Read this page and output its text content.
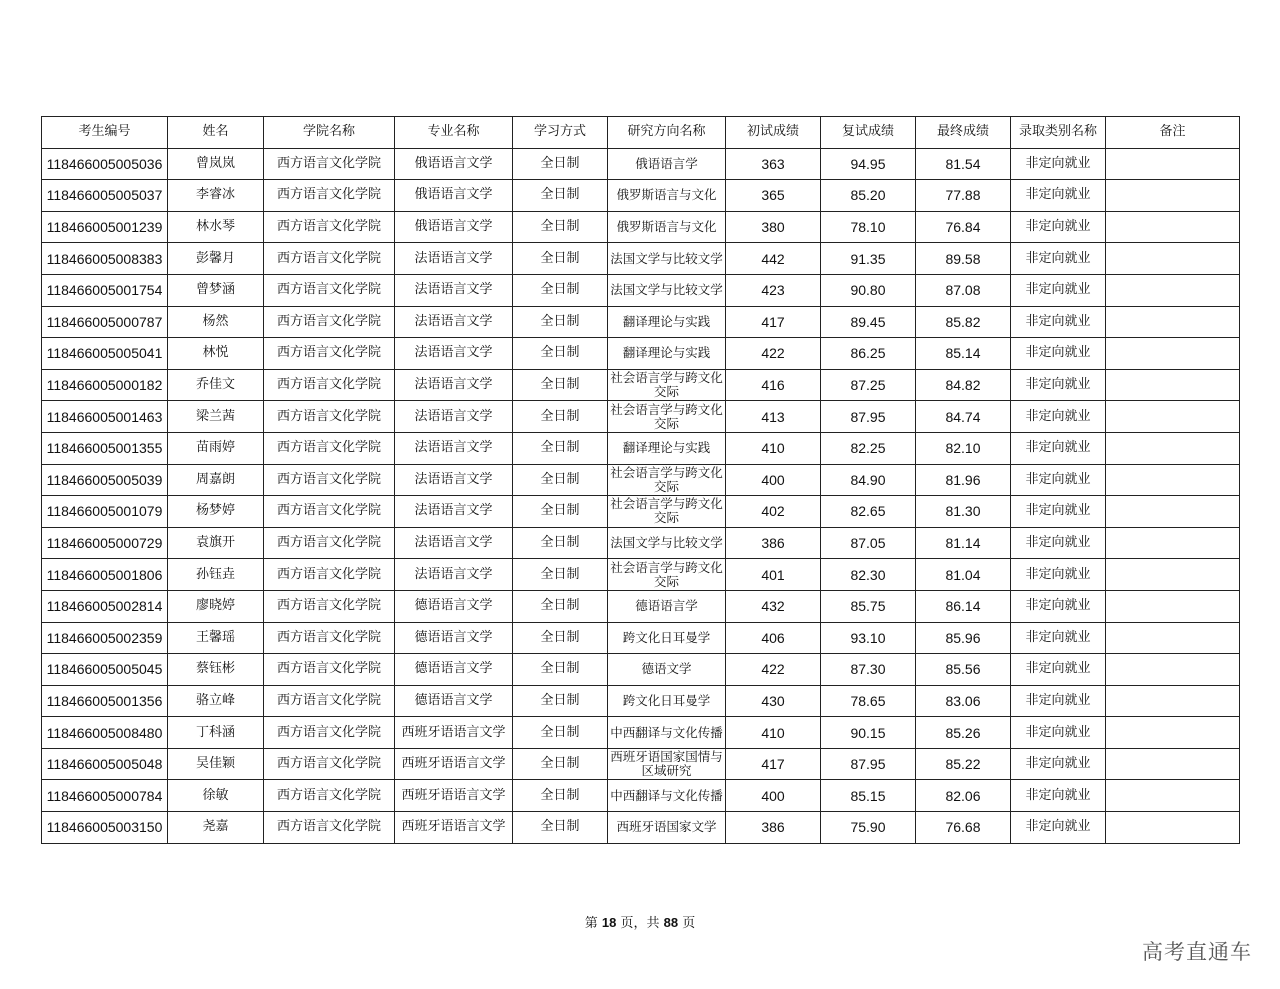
考生编号	姓名	学院名称	专业名称	学习方式	研究方向名称	初试成绩	复试成绩	最终成绩	录取类别名称	备注
118466005005036	曾岚岚	西方语言文化学院	俄语语言文学	全日制	俄语语言学	363	94.95	81.54	非定向就业	
118466005005037	李睿冰	西方语言文化学院	俄语语言文学	全日制	俄罗斯语言与文化	365	85.20	77.88	非定向就业	
118466005001239	林水琴	西方语言文化学院	俄语语言文学	全日制	俄罗斯语言与文化	380	78.10	76.84	非定向就业	
118466005008383	彭馨月	西方语言文化学院	法语语言文学	全日制	法国文学与比较文学	442	91.35	89.58	非定向就业	
118466005001754	曾梦涵	西方语言文化学院	法语语言文学	全日制	法国文学与比较文学	423	90.80	87.08	非定向就业	
118466005000787	杨然	西方语言文化学院	法语语言文学	全日制	翻译理论与实践	417	89.45	85.82	非定向就业	
118466005005041	林悦	西方语言文化学院	法语语言文学	全日制	翻译理论与实践	422	86.25	85.14	非定向就业	
118466005000182	乔佳文	西方语言文化学院	法语语言文学	全日制	社会语言学与跨文化交际	416	87.25	84.82	非定向就业	
118466005001463	梁兰茜	西方语言文化学院	法语语言文学	全日制	社会语言学与跨文化交际	413	87.95	84.74	非定向就业	
118466005001355	苗雨婷	西方语言文化学院	法语语言文学	全日制	翻译理论与实践	410	82.25	82.10	非定向就业	
118466005005039	周嘉朗	西方语言文化学院	法语语言文学	全日制	社会语言学与跨文化交际	400	84.90	81.96	非定向就业	
118466005001079	杨梦婷	西方语言文化学院	法语语言文学	全日制	社会语言学与跨文化交际	402	82.65	81.30	非定向就业	
118466005000729	袁旗开	西方语言文化学院	法语语言文学	全日制	法国文学与比较文学	386	87.05	81.14	非定向就业	
118466005001806	孙钰垚	西方语言文化学院	法语语言文学	全日制	社会语言学与跨文化交际	401	82.30	81.04	非定向就业	
118466005002814	廖晓婷	西方语言文化学院	德语语言文学	全日制	德语语言学	432	85.75	86.14	非定向就业	
118466005002359	王馨瑶	西方语言文化学院	德语语言文学	全日制	跨文化日耳曼学	406	93.10	85.96	非定向就业	
118466005005045	蔡钰彬	西方语言文化学院	德语语言文学	全日制	德语文学	422	87.30	85.56	非定向就业	
118466005001356	骆立峰	西方语言文化学院	德语语言文学	全日制	跨文化日耳曼学	430	78.65	83.06	非定向就业	
118466005008480	丁科涵	西方语言文化学院	西班牙语语言文学	全日制	中西翻译与文化传播	410	90.15	85.26	非定向就业	
118466005005048	吴佳颖	西方语言文化学院	西班牙语语言文学	全日制	西班牙语国家国情与区域研究	417	87.95	85.22	非定向就业	
118466005000784	徐敏	西方语言文化学院	西班牙语语言文学	全日制	中西翻译与文化传播	400	85.15	82.06	非定向就业	
118466005003150	尧嘉	西方语言文化学院	西班牙语语言文学	全日制	西班牙语国家文学	386	75.90	76.68	非定向就业	
第 18 页，共 88 页
高考直通车
